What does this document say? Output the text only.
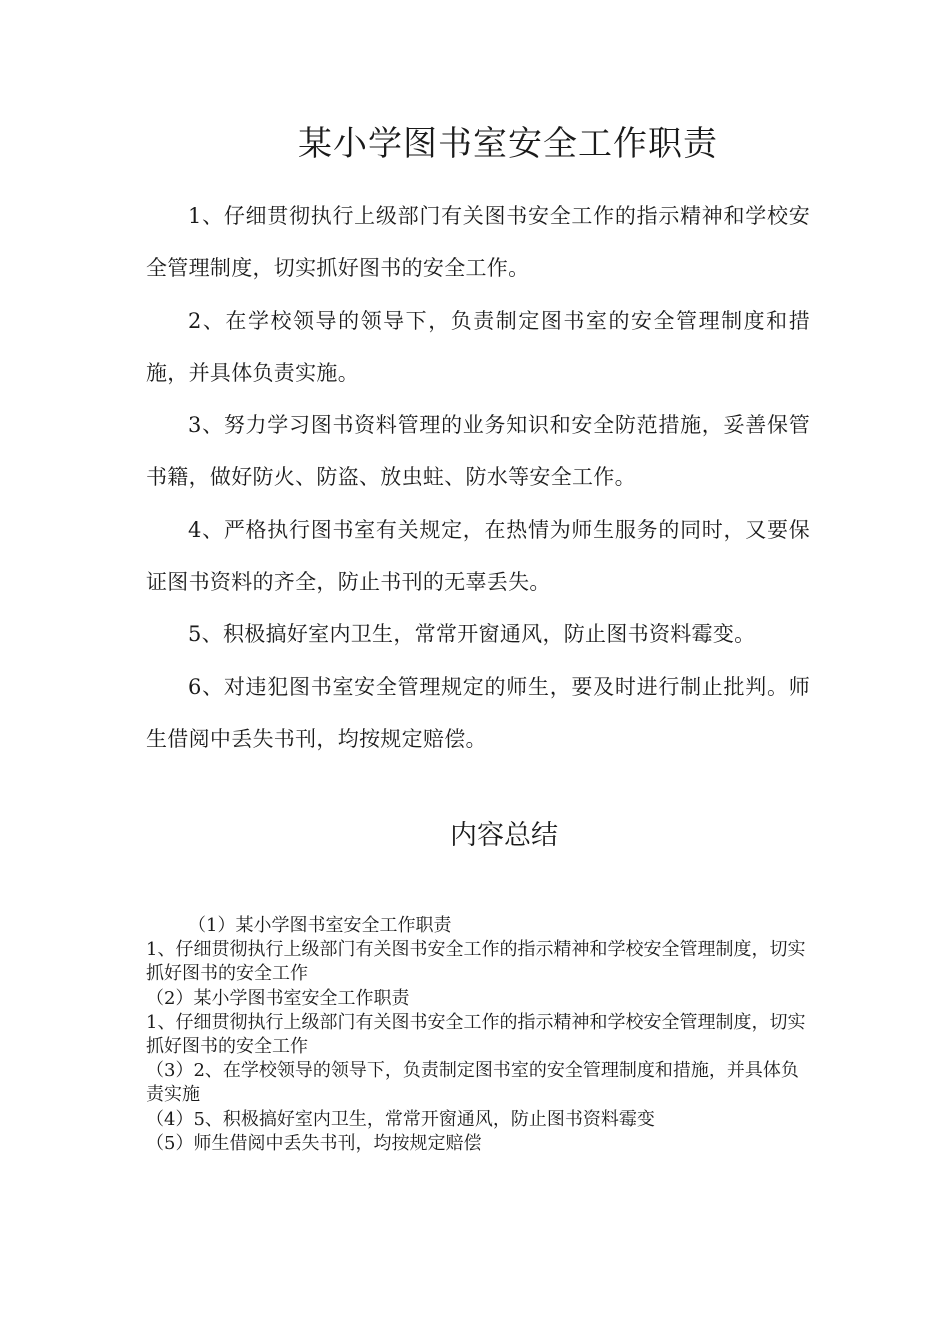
某小学图书室安全工作职责

1、仔细贯彻执行上级部门有关图书安全工作的指示精神和学校安全管理制度，切实抓好图书的安全工作。

2、在学校领导的领导下，负责制定图书室的安全管理制度和措施，并具体负责实施。

3、努力学习图书资料管理的业务知识和安全防范措施，妥善保管书籍，做好防火、防盗、放虫蛀、防水等安全工作。

4、严格执行图书室有关规定，在热情为师生服务的同时，又要保证图书资料的齐全，防止书刊的无辜丢失。

5、积极搞好室内卫生，常常开窗通风，防止图书资料霉变。

6、对违犯图书室安全管理规定的师生，要及时进行制止批判。师生借阅中丢失书刊，均按规定赔偿。

内容总结

（1）某小学图书室安全工作职责

1、仔细贯彻执行上级部门有关图书安全工作的指示精神和学校安全管理制度，切实抓好图书的安全工作

（2）某小学图书室安全工作职责

1、仔细贯彻执行上级部门有关图书安全工作的指示精神和学校安全管理制度，切实抓好图书的安全工作

（3）2、在学校领导的领导下，负责制定图书室的安全管理制度和措施，并具体负责实施

（4）5、积极搞好室内卫生，常常开窗通风，防止图书资料霉变

（5）师生借阅中丢失书刊，均按规定赔偿
